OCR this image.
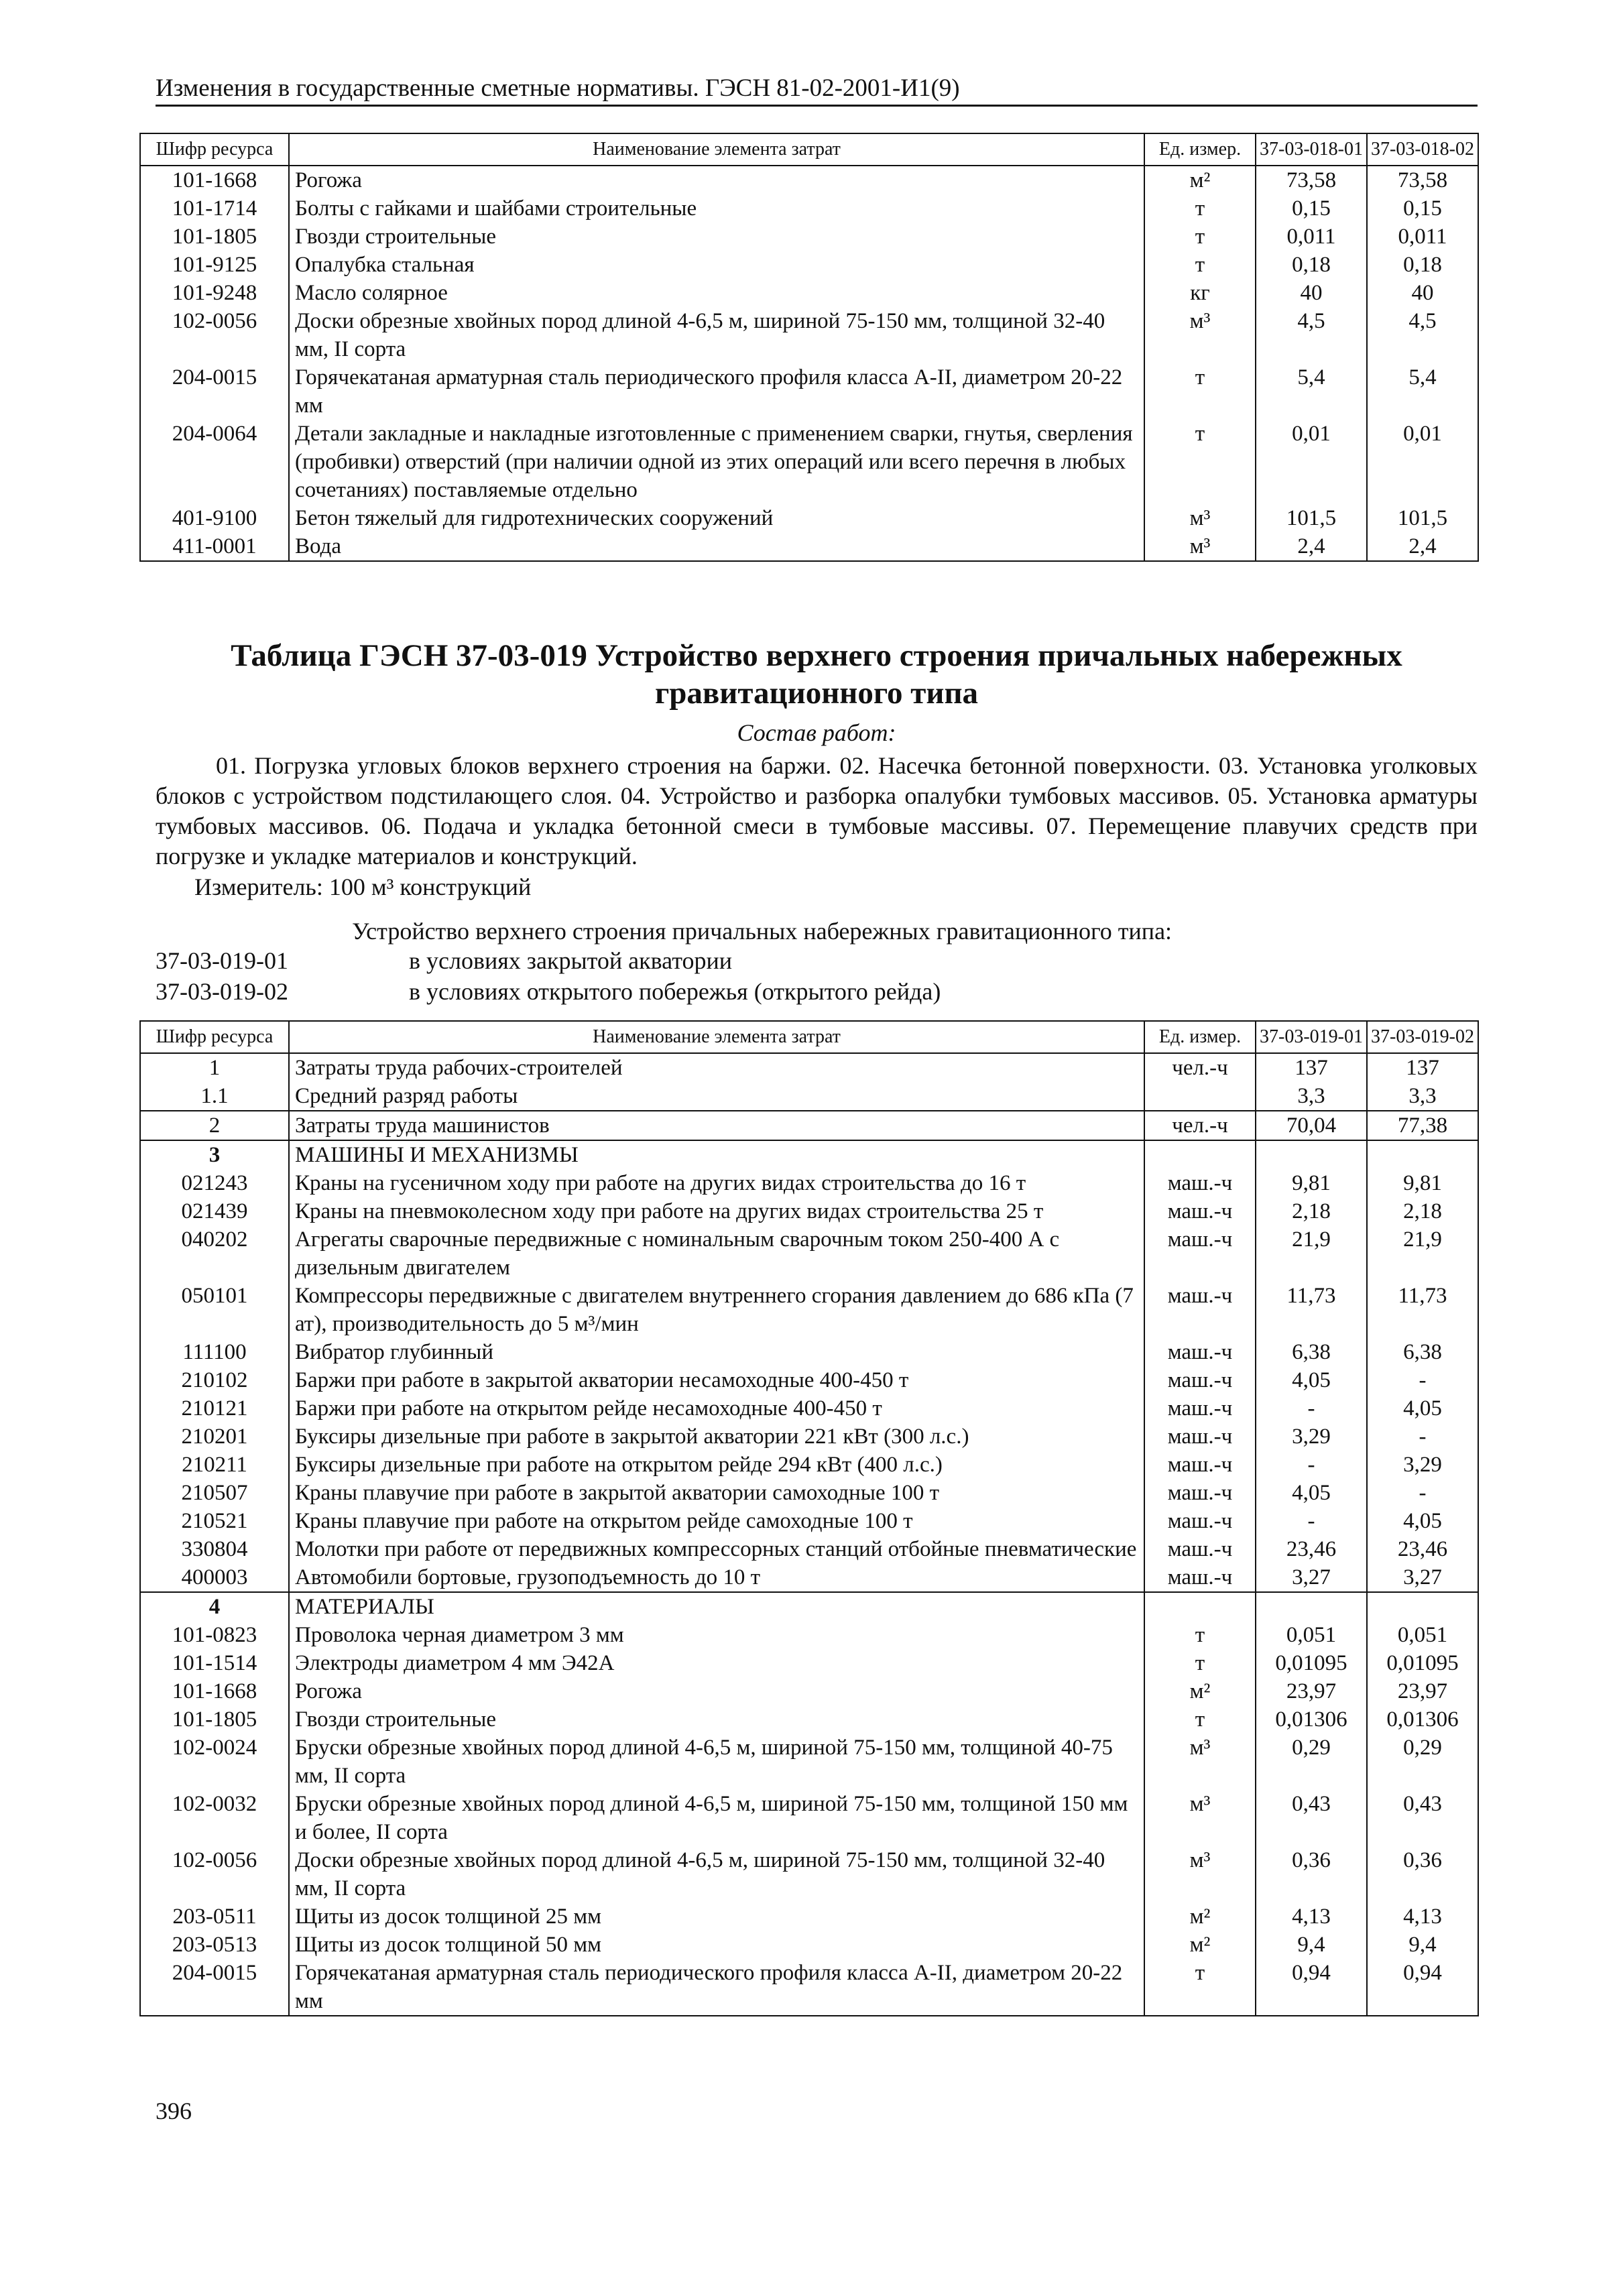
Изменения в государственные сметные нормативы. ГЭСН 81-02-2001-И1(9)
Шифр ресурса	Наименование элемента затрат	Ед. измер.	37-03-018-01	37-03-018-02
101-1668	Рогожа	м²	73,58	73,58
101-1714	Болты с гайками и шайбами строительные	т	0,15	0,15
101-1805	Гвозди строительные	т	0,011	0,011
101-9125	Опалубка стальная	т	0,18	0,18
101-9248	Масло солярное	кг	40	40
102-0056	Доски обрезные хвойных пород длиной 4-6,5 м, шириной 75-150 мм, толщиной 32-40 мм, II сорта	м³	4,5	4,5
204-0015	Горячекатаная арматурная сталь периодического профиля класса А-II, диаметром 20-22 мм	т	5,4	5,4
204-0064	Детали закладные и накладные изготовленные с применением сварки, гнутья, сверления (пробивки) отверстий (при наличии одной из этих операций или всего перечня в любых сочетаниях) поставляемые отдельно	т	0,01	0,01
401-9100	Бетон тяжелый для гидротехнических сооружений	м³	101,5	101,5
411-0001	Вода	м³	2,4	2,4
Таблица ГЭСН 37-03-019 Устройство верхнего строения причальных набережных гравитационного типа
Состав работ:

01. Погрузка угловых блоков верхнего строения на баржи. 02. Насечка бетонной поверхности. 03. Установка уголковых блоков с устройством подстилающего слоя. 04. Устройство и разборка опалубки тумбовых массивов. 05. Установка арматуры тумбовых массивов. 06. Подача и укладка бетонной смеси в тумбовые массивы. 07. Перемещение плавучих средств при погрузке и укладке материалов и конструкций.

Измеритель: 100 м³ конструкций
Устройство верхнего строения причальных набережных гравитационного типа:
37-03-019-01	в условиях закрытой акватории
37-03-019-02	в условиях открытого побережья (открытого рейда)
Шифр ресурса	Наименование элемента затрат	Ед. измер.	37-03-019-01	37-03-019-02
1	Затраты труда рабочих-строителей	чел.-ч	137	137
1.1	Средний разряд работы		3,3	3,3
2	Затраты труда машинистов	чел.-ч	70,04	77,38
3	МАШИНЫ И МЕХАНИЗМЫ			
021243	Краны на гусеничном ходу при работе на других видах строительства до 16 т	маш.-ч	9,81	9,81
021439	Краны на пневмоколесном ходу при работе на других видах строительства 25 т	маш.-ч	2,18	2,18
040202	Агрегаты сварочные передвижные с номинальным сварочным током 250-400 А с дизельным двигателем	маш.-ч	21,9	21,9
050101	Компрессоры передвижные с двигателем внутреннего сгорания давлением до 686 кПа (7 ат), производительность до 5 м³/мин	маш.-ч	11,73	11,73
111100	Вибратор глубинный	маш.-ч	6,38	6,38
210102	Баржи при работе в закрытой акватории несамоходные 400-450 т	маш.-ч	4,05	-
210121	Баржи при работе на открытом рейде несамоходные 400-450 т	маш.-ч	-	4,05
210201	Буксиры дизельные при работе в закрытой акватории 221 кВт (300 л.с.)	маш.-ч	3,29	-
210211	Буксиры дизельные при работе на открытом рейде 294 кВт (400 л.с.)	маш.-ч	-	3,29
210507	Краны плавучие при работе в закрытой акватории самоходные 100 т	маш.-ч	4,05	-
210521	Краны плавучие при работе на открытом рейде самоходные 100 т	маш.-ч	-	4,05
330804	Молотки при работе от передвижных компрессорных станций отбойные пневматические	маш.-ч	23,46	23,46
400003	Автомобили бортовые, грузоподъемность до 10 т	маш.-ч	3,27	3,27
4	МАТЕРИАЛЫ			
101-0823	Проволока черная диаметром 3 мм	т	0,051	0,051
101-1514	Электроды диаметром 4 мм Э42А	т	0,01095	0,01095
101-1668	Рогожа	м²	23,97	23,97
101-1805	Гвозди строительные	т	0,01306	0,01306
102-0024	Бруски обрезные хвойных пород длиной 4-6,5 м, шириной 75-150 мм, толщиной 40-75 мм, II сорта	м³	0,29	0,29
102-0032	Бруски обрезные хвойных пород длиной 4-6,5 м, шириной 75-150 мм, толщиной 150 мм и более, II сорта	м³	0,43	0,43
102-0056	Доски обрезные хвойных пород длиной 4-6,5 м, шириной 75-150 мм, толщиной 32-40 мм, II сорта	м³	0,36	0,36
203-0511	Щиты из досок толщиной 25 мм	м²	4,13	4,13
203-0513	Щиты из досок толщиной 50 мм	м²	9,4	9,4
204-0015	Горячекатаная арматурная сталь периодического профиля класса А-II, диаметром 20-22 мм	т	0,94	0,94
396
